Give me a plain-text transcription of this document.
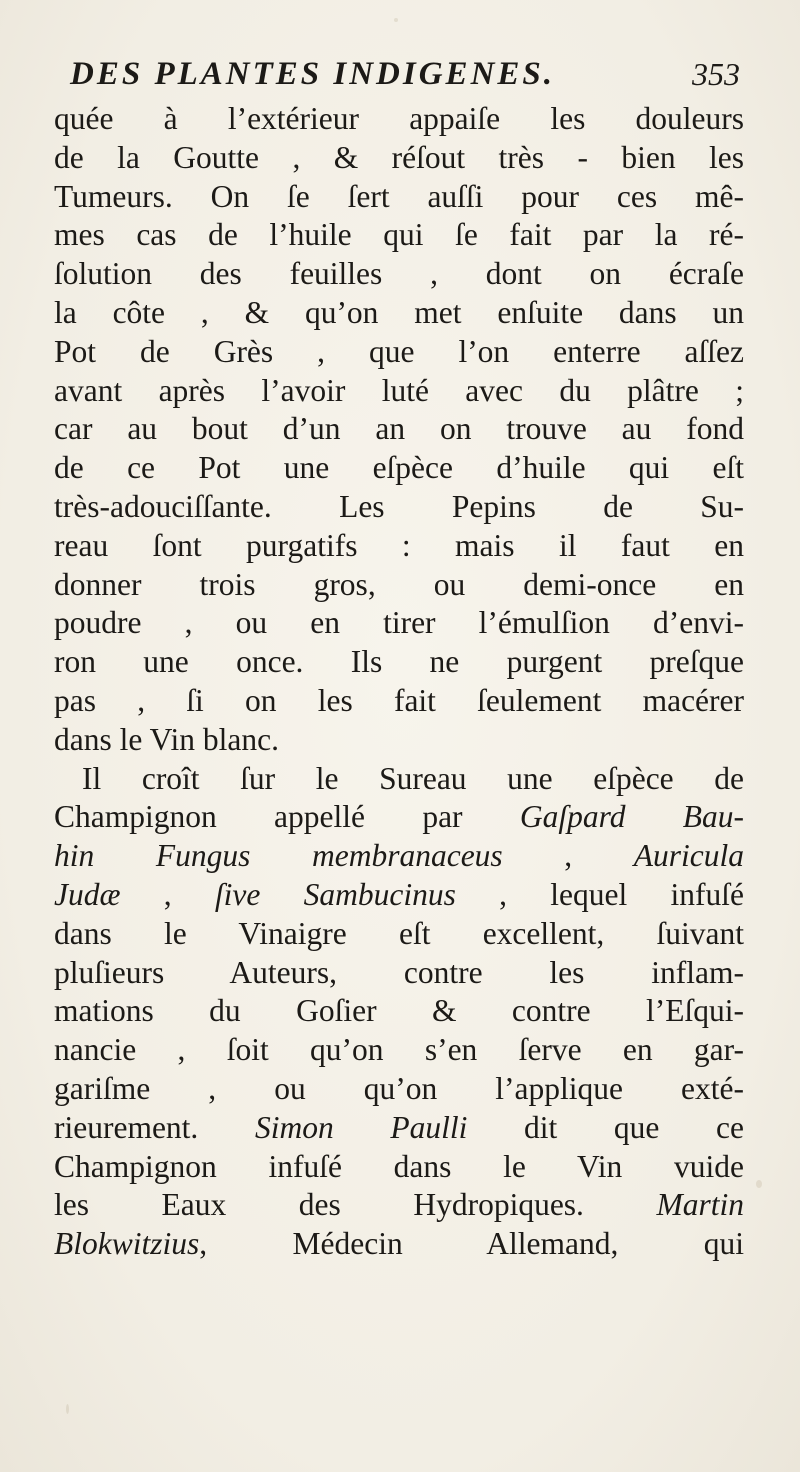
DES PLANTES INDIGENES.	353
quée à l’extérieur appaiſe les douleurs
de la Goutte , & réſout très - bien les
Tumeurs. On ſe ſert auſſi pour ces mê-
mes cas de l’huile qui ſe fait par la ré-
ſolution des feuilles , dont on écraſe
la côte , & qu’on met enſuite dans un
Pot de Grès , que l’on enterre aſſez
avant après l’avoir luté avec du plâtre ;
car au bout d’un an on trouve au fond
de ce Pot une eſpèce d’huile qui eſt
très-adouciſſante. Les Pepins de Su-
reau ſont purgatifs : mais il faut en
donner trois gros, ou demi-once en
poudre , ou en tirer l’émulſion d’envi-
ron une once. Ils ne purgent preſque
pas , ſi on les fait ſeulement macérer
dans le Vin blanc.
Il croît ſur le Sureau une eſpèce de
Champignon appellé par Gaſpard Bau-
hin Fungus membranaceus , Auricula
Judæ , ſive Sambucinus , lequel infuſé
dans le Vinaigre eſt excellent, ſuivant
pluſieurs Auteurs, contre les inflam-
mations du Goſier & contre l’Eſqui-
nancie , ſoit qu’on s’en ſerve en gar-
gariſme , ou qu’on l’applique exté-
rieurement. Simon Paulli dit que ce
Champignon infuſé dans le Vin vuide
les Eaux des Hydropiques. Martin
Blokwitzius, Médecin Allemand, qui
